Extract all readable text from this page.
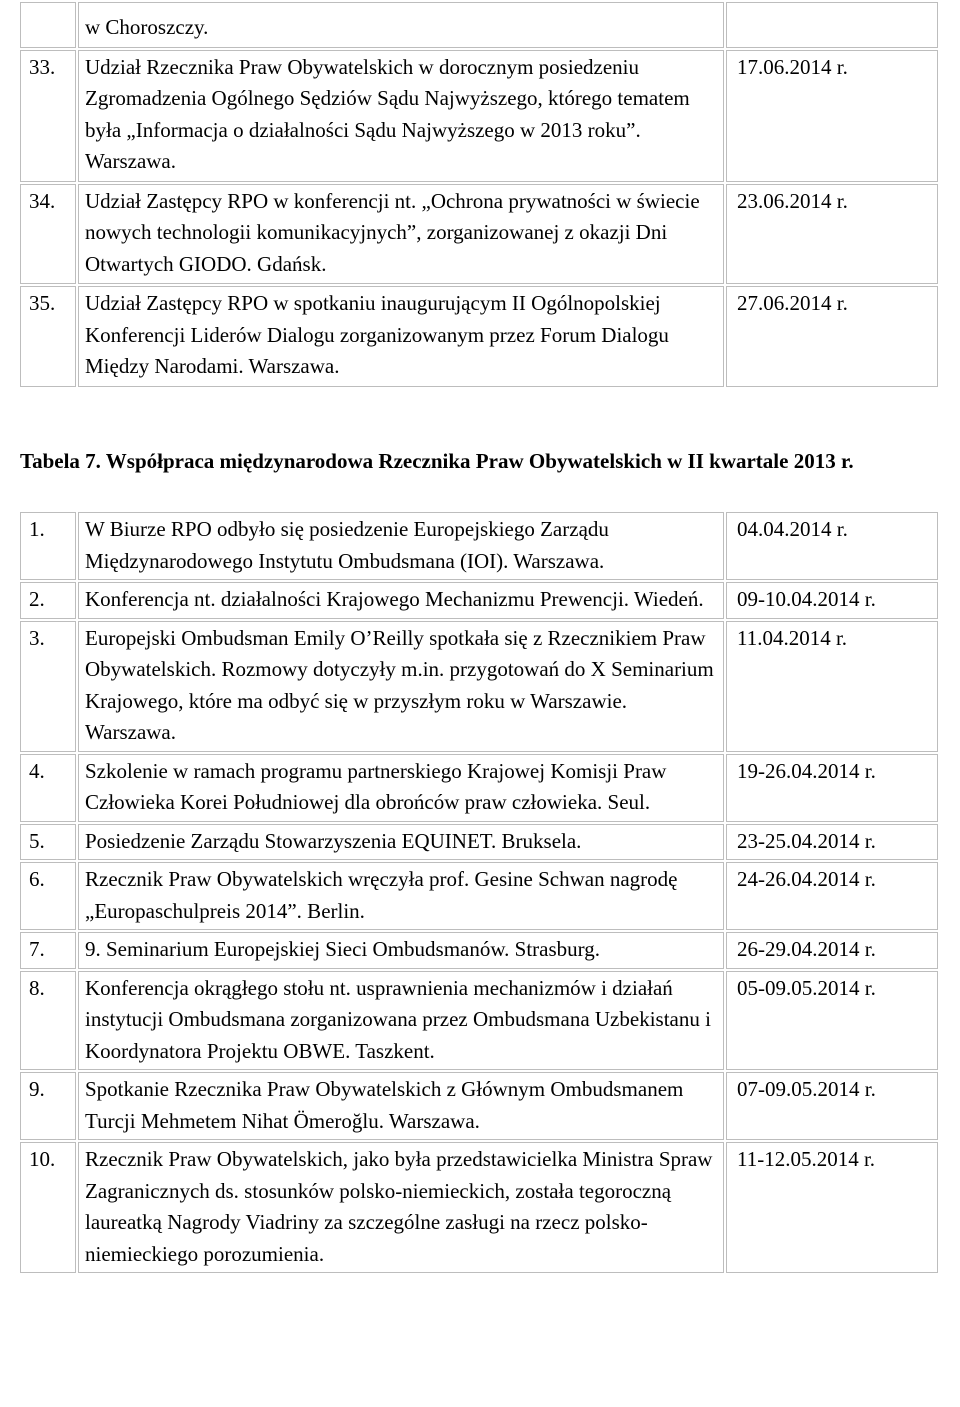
	w Choroszczy.	
33.	Udział Rzecznika Praw Obywatelskich w dorocznym posiedzeniu Zgromadzenia Ogólnego Sędziów Sądu Najwyższego, którego tematem była „Informacja o działalności Sądu Najwyższego w 2013 roku”. Warszawa.	17.06.2014 r.
34.	Udział Zastępcy RPO w konferencji nt. „Ochrona prywatności w świecie nowych technologii komunikacyjnych”, zorganizowanej z okazji Dni Otwartych GIODO. Gdańsk.	23.06.2014 r.
35.	Udział Zastępcy RPO w spotkaniu inaugurującym II Ogólnopolskiej Konferencji Liderów Dialogu zorganizowanym przez Forum Dialogu Między Narodami. Warszawa.	27.06.2014 r.
Tabela 7. Współpraca międzynarodowa Rzecznika Praw Obywatelskich w II kwartale 2013 r.
1.	W Biurze RPO odbyło się posiedzenie Europejskiego Zarządu Międzynarodowego Instytutu Ombudsmana (IOI). Warszawa.	04.04.2014 r.
2.	Konferencja nt. działalności Krajowego Mechanizmu Prewencji. Wiedeń.	09-10.04.2014 r.
3.	Europejski Ombudsman Emily O’Reilly spotkała się z Rzecznikiem Praw Obywatelskich. Rozmowy dotyczyły m.in. przygotowań do X Seminarium Krajowego, które ma odbyć się w przyszłym roku w Warszawie. Warszawa.	11.04.2014 r.
4.	Szkolenie w ramach programu partnerskiego Krajowej Komisji Praw Człowieka Korei Południowej dla obrońców praw człowieka. Seul.	19-26.04.2014 r.
5.	Posiedzenie Zarządu Stowarzyszenia EQUINET. Bruksela.	23-25.04.2014 r.
6.	Rzecznik Praw Obywatelskich wręczyła prof. Gesine Schwan nagrodę „Europaschulpreis 2014”. Berlin.	24-26.04.2014 r.
7.	9. Seminarium Europejskiej Sieci Ombudsmanów. Strasburg.	26-29.04.2014 r.
8.	Konferencja okrągłego stołu nt. usprawnienia mechanizmów i działań instytucji Ombudsmana zorganizowana przez Ombudsmana Uzbekistanu i Koordynatora Projektu OBWE. Taszkent.	05-09.05.2014 r.
9.	Spotkanie Rzecznika Praw Obywatelskich z Głównym Ombudsmanem Turcji Mehmetem Nihat Ömeroğlu. Warszawa.	07-09.05.2014 r.
10.	Rzecznik Praw Obywatelskich, jako była przedstawicielka Ministra Spraw Zagranicznych ds. stosunków polsko-niemieckich, została tegoroczną laureatką Nagrody Viadriny za szczególne zasługi na rzecz polsko-niemieckiego porozumienia.	11-12.05.2014 r.
